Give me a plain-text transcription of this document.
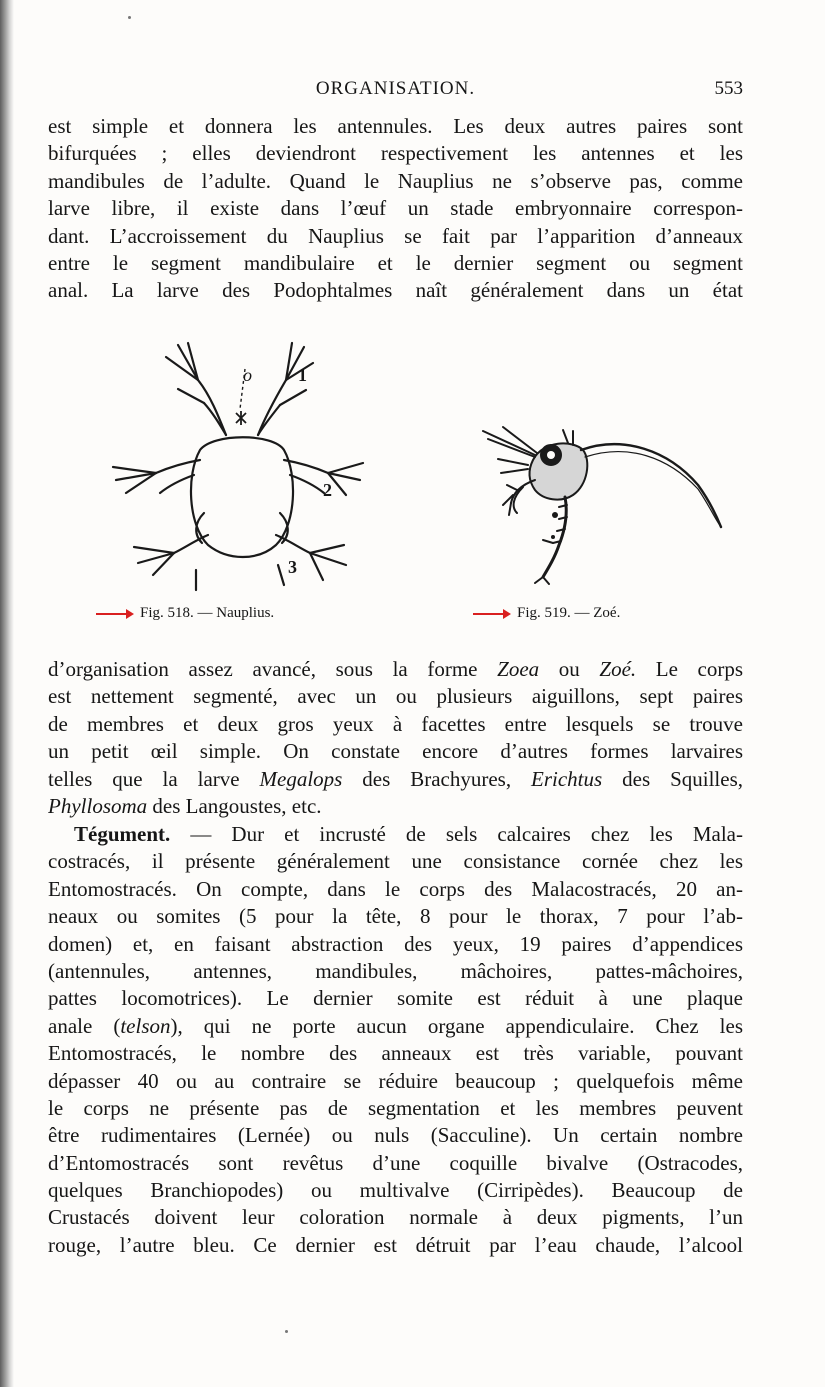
ORGANISATION.	553
est simple et donnera les antennules. Les deux autres paires sont
bifurquées ; elles deviendront respectivement les antennes et les
mandibules de l’adulte. Quand le Nauplius ne s’observe pas, comme
larve libre, il existe dans l’œuf un stade embryonnaire correspon-
dant. L’accroissement du Nauplius se fait par l’apparition d’anneaux
entre le segment mandibulaire et le dernier segment ou segment
anal. La larve des Podophtalmes naît généralement dans un état
o	1
2
3
Fig. 518. — Nauplius.	Fig. 519. — Zoé.
d’organisation assez avancé, sous la forme Zoea ou Zoé. Le corps
est nettement segmenté, avec un ou plusieurs aiguillons, sept paires
de membres et deux gros yeux à facettes entre lesquels se trouve
un petit œil simple. On constate encore d’autres formes larvaires
telles que la larve Megalops des Brachyures, Erichtus des Squilles,
Phyllosoma des Langoustes, etc.
Tégument. — Dur et incrusté de sels calcaires chez les Mala-
costracés, il présente généralement une consistance cornée chez les
Entomostracés. On compte, dans le corps des Malacostracés, 20 an-
neaux ou somites (5 pour la tête, 8 pour le thorax, 7 pour l’ab-
domen) et, en faisant abstraction des yeux, 19 paires d’appendices
(antennules, antennes, mandibules, mâchoires, pattes-mâchoires,
pattes locomotrices). Le dernier somite est réduit à une plaque
anale (telson), qui ne porte aucun organe appendiculaire. Chez les
Entomostracés, le nombre des anneaux est très variable, pouvant
dépasser 40 ou au contraire se réduire beaucoup ; quelquefois même
le corps ne présente pas de segmentation et les membres peuvent
être rudimentaires (Lernée) ou nuls (Sacculine). Un certain nombre
d’Entomostracés sont revêtus d’une coquille bivalve (Ostracodes,
quelques Branchiopodes) ou multivalve (Cirripèdes). Beaucoup de
Crustacés doivent leur coloration normale à deux pigments, l’un
rouge, l’autre bleu. Ce dernier est détruit par l’eau chaude, l’alcool
